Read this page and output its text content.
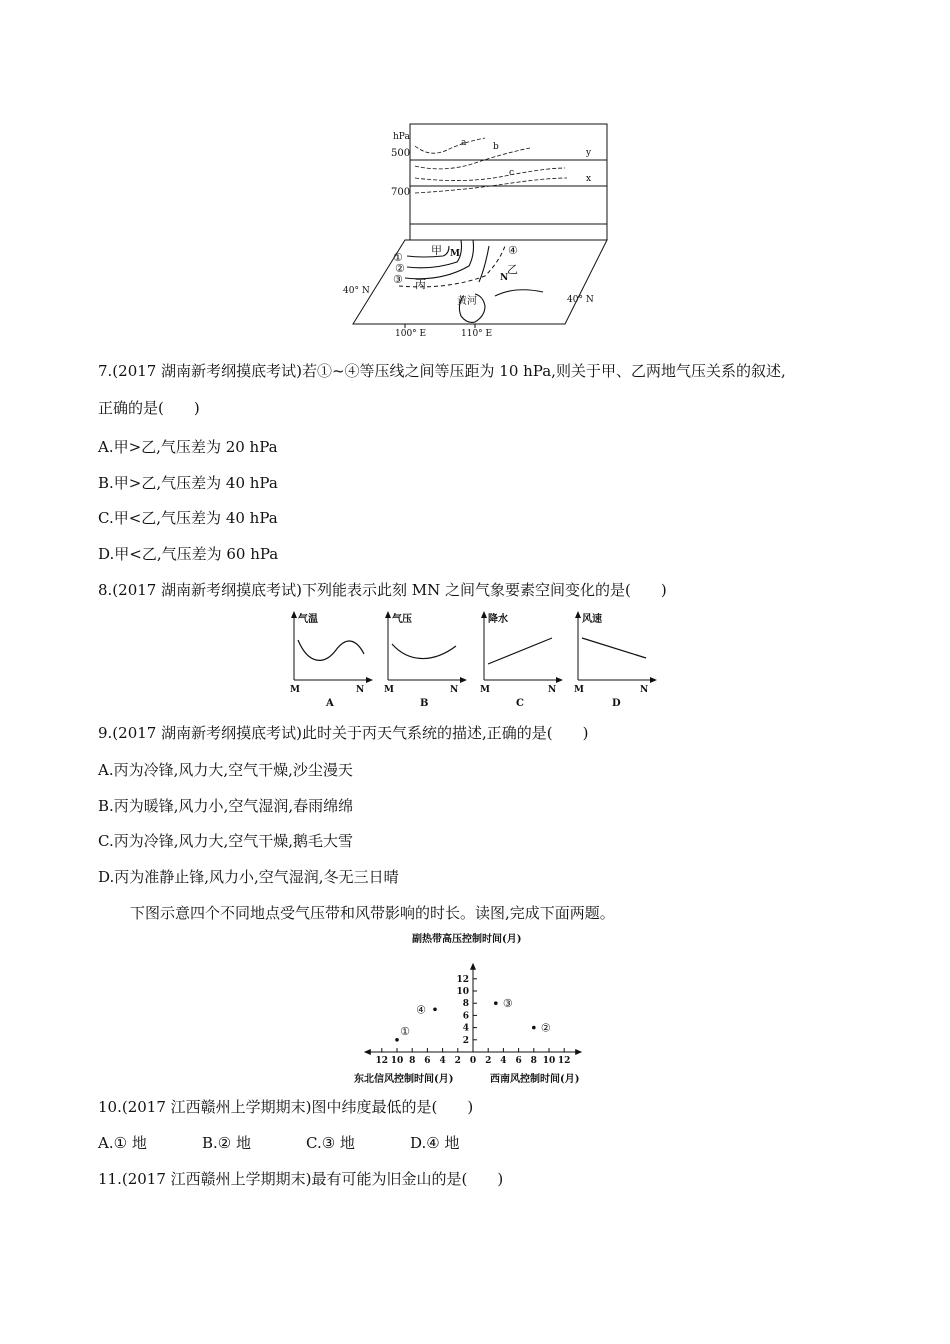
hPa
500
700
a	b
c
y
x
①
②
③
④
甲 M
乙
N
丙
黄河
40° N
40° N
100° E	110° E
7.(2017 湖南新考纲摸底考试)若①~④等压线之间等压距为 10 hPa,则关于甲、乙两地气压关系的叙述,
正确的是(　　)
A.甲>乙,气压差为 20 hPa
B.甲>乙,气压差为 40 hPa
C.甲<乙,气压差为 40 hPa
D.甲<乙,气压差为 60 hPa
8.(2017 湖南新考纲摸底考试)下列能表示此刻 MN 之间气象要素空间变化的是(　　)
气温
M	N
A
气压
M	N
B
降水
M	N
C
风速
M	N
D
9.(2017 湖南新考纲摸底考试)此时关于丙天气系统的描述,正确的是(　　)
A.丙为冷锋,风力大,空气干燥,沙尘漫天
B.丙为暖锋,风力小,空气湿润,春雨绵绵
C.丙为冷锋,风力大,空气干燥,鹅毛大雪
D.丙为准静止锋,风力小,空气湿润,冬无三日晴
下图示意四个不同地点受气压带和风带影响的时长。读图,完成下面两题。
副热带高压控制时间(月)
东北信风控制时间(月)	西南风控制时间(月)
2
4
6
8
10
12
12 10 8 6 4 2 0 2 4 6 8 10 12
①	②
③
④
10.(2017 江西赣州上学期期末)图中纬度最低的是(　　)
A.① 地	B.② 地	C.③ 地	D.④ 地
11.(2017 江西赣州上学期期末)最有可能为旧金山的是(　　)
